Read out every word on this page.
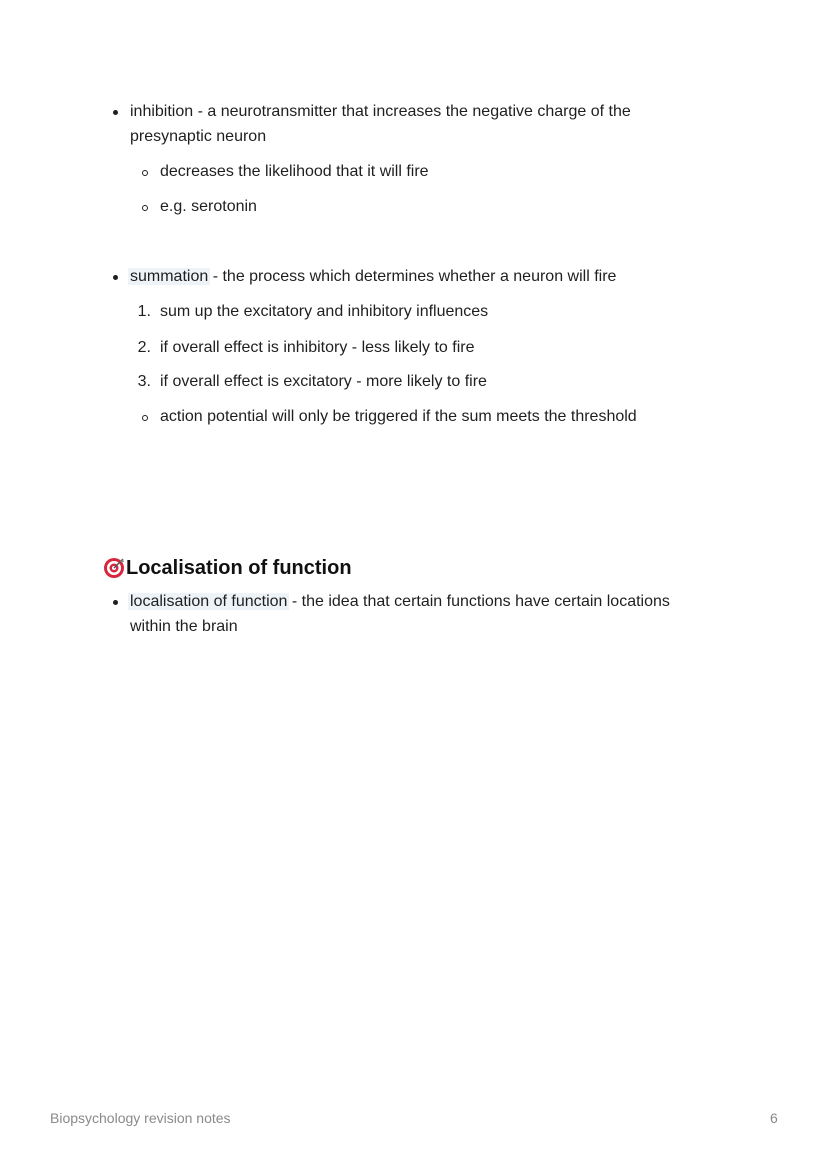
inhibition - a neurotransmitter that increases the negative charge of the
presynaptic neuron
decreases the likelihood that it will fire
e.g. serotonin
summation - the process which determines whether a neuron will fire
1. sum up the excitatory and inhibitory influences
2. if overall effect is inhibitory - less likely to fire
3. if overall effect is excitatory - more likely to fire
action potential will only be triggered if the sum meets the threshold
Localisation of function
localisation of function - the idea that certain functions have certain locations
within the brain
Biopsychology revision notes	6
